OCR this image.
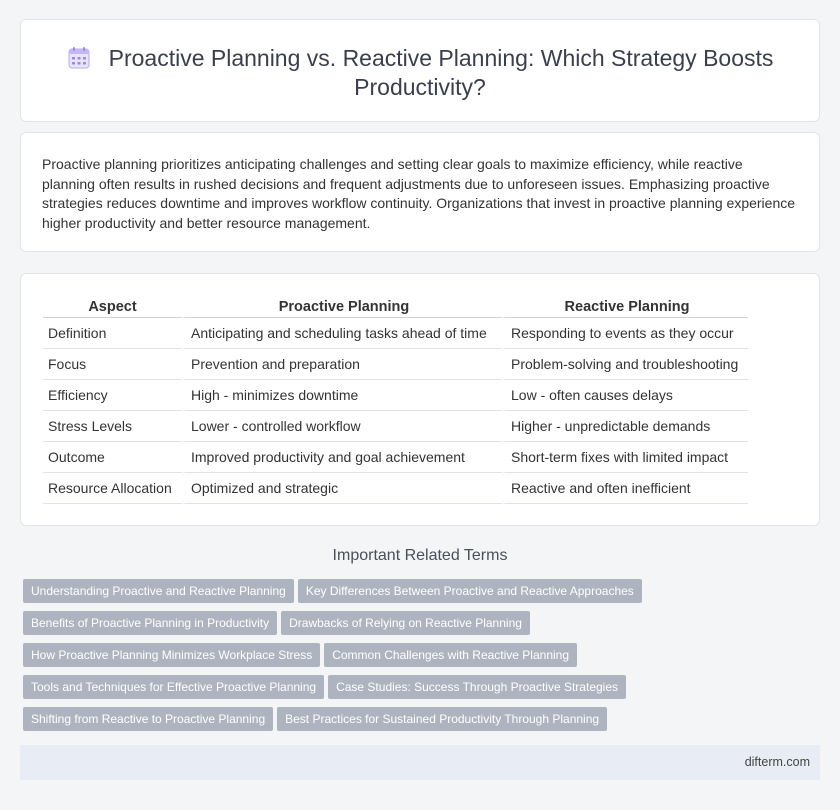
Proactive Planning vs. Reactive Planning: Which Strategy Boosts
Productivity?

Proactive planning prioritizes anticipating challenges and setting clear goals to maximize efficiency, while reactive planning often results in rushed decisions and frequent adjustments due to unforeseen issues. Emphasizing proactive strategies reduces downtime and improves workflow continuity. Organizations that invest in proactive planning experience higher productivity and better resource management.

Aspect	Proactive Planning	Reactive Planning
Definition	Anticipating and scheduling tasks ahead of time	Responding to events as they occur
Focus	Prevention and preparation	Problem-solving and troubleshooting
Efficiency	High - minimizes downtime	Low - often causes delays
Stress Levels	Lower - controlled workflow	Higher - unpredictable demands
Outcome	Improved productivity and goal achievement	Short-term fixes with limited impact
Resource Allocation	Optimized and strategic	Reactive and often inefficient
Important Related Terms
Understanding Proactive and Reactive Planning Key Differences Between Proactive and Reactive Approaches
Benefits of Proactive Planning in Productivity Drawbacks of Relying on Reactive Planning
How Proactive Planning Minimizes Workplace Stress Common Challenges with Reactive Planning
Tools and Techniques for Effective Proactive Planning Case Studies: Success Through Proactive Strategies
Shifting from Reactive to Proactive Planning Best Practices for Sustained Productivity Through Planning
difterm.com
